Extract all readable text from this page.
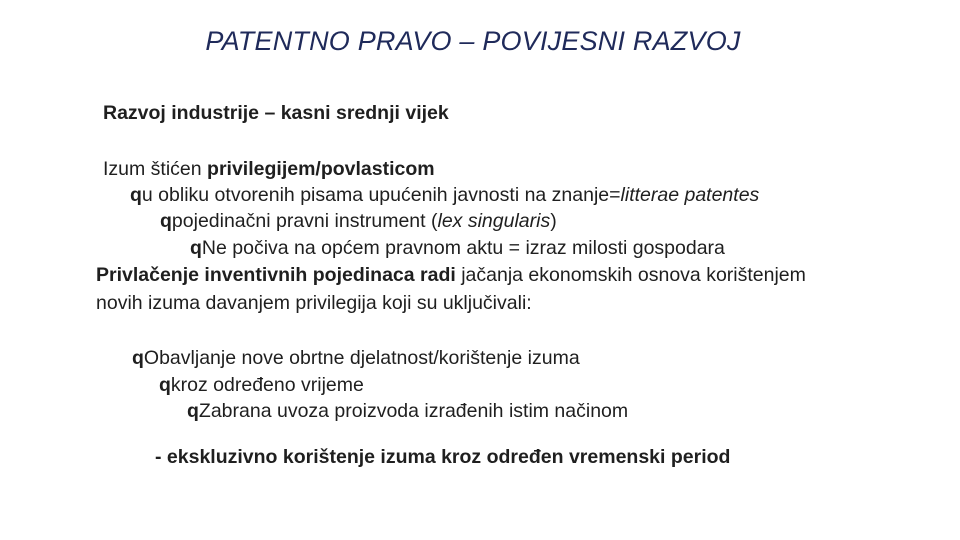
PATENTNO PRAVO – POVIJESNI RAZVOJ
Razvoj industrije – kasni srednji vijek
Izum štićen privilegijem/povlasticom
qu obliku otvorenih pisama upućenih javnosti na znanje=litterae patentes
qpojedinačni pravni instrument (lex singularis)
qNe počiva na općem pravnom aktu = izraz milosti gospodara
Privlačenje inventivnih pojedinaca radi jačanja ekonomskih osnova korištenjem
novih izuma davanjem privilegija koji su uključivali:
qObavljanje nove obrtne djelatnost/korištenje izuma
qkroz određeno vrijeme
qZabrana uvoza proizvoda izrađenih istim načinom
- ekskluzivno korištenje izuma kroz određen vremenski period
